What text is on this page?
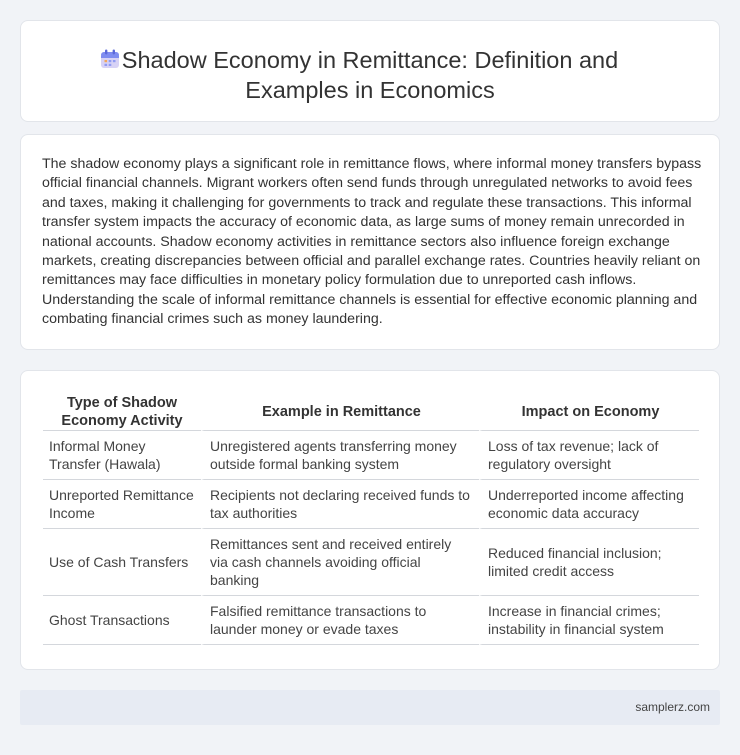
Shadow Economy in Remittance: Definition and
Examples in Economics

The shadow economy plays a significant role in remittance flows, where informal money transfers bypass official financial channels. Migrant workers often send funds through unregulated networks to avoid fees and taxes, making it challenging for governments to track and regulate these transactions. This informal transfer system impacts the accuracy of economic data, as large sums of money remain unrecorded in national accounts. Shadow economy activities in remittance sectors also influence foreign exchange markets, creating discrepancies between official and parallel exchange rates. Countries heavily reliant on remittances may face difficulties in monetary policy formulation due to unreported cash inflows. Understanding the scale of informal remittance channels is essential for effective economic planning and combating financial crimes such as money laundering.

Type of Shadow Economy Activity	Example in Remittance	Impact on Economy
Informal Money Transfer (Hawala)	Unregistered agents transferring money outside formal banking system	Loss of tax revenue; lack of regulatory oversight
Unreported Remittance Income	Recipients not declaring received funds to tax authorities	Underreported income affecting economic data accuracy
Use of Cash Transfers	Remittances sent and received entirely via cash channels avoiding official banking	Reduced financial inclusion; limited credit access
Ghost Transactions	Falsified remittance transactions to launder money or evade taxes	Increase in financial crimes; instability in financial system
samplerz.com
